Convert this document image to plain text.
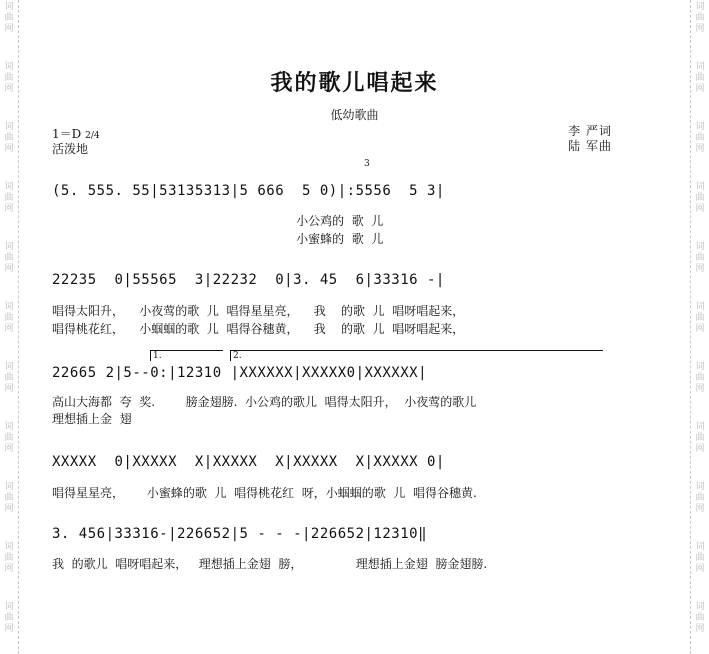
词
曲
网
词
曲
网
词
曲
网
词
曲
网
词
曲
网
词
曲
网
词
曲
网
词
曲
网
词
曲
网
词
曲
网
词
曲
网
词
曲
网
词
曲
网
词
曲
网
词
曲
网
词
曲
网
词
曲
网
词
曲
网
词
曲
网
词
曲
网
词
曲
网
词
曲
网
我的歌儿唱起来
低幼歌曲
1＝D 2/4
活泼地
李 严词
陆 军曲
3
(5. 555. 55|53135313|5 666  5 0)|:5556  5 3|
小公鸡的  歌  儿
小蜜蜂的  歌  儿
22235  0|55565  3|22232  0|3. 45  6|33316 -|
唱得太阳升，    小夜莺的歌  儿  唱得星星亮，    我    的歌  儿  唱呀唱起来，
唱得桃花红，    小蝈蝈的歌  儿  唱得谷穗黄，    我    的歌  儿  唱呀唱起来，
1.	2.
22665 2|5--0:|12310 |XXXXXX|XXXXX0|XXXXXX|
高山大海都  夸  奖.        膀金翅膀.  小公鸡的歌儿  唱得太阳升，  小夜莺的歌儿
理想插上金  翅
XXXXX  0|XXXXX  X|XXXXX  X|XXXXX  X|XXXXX 0|
唱得星星亮，      小蜜蜂的歌  儿  唱得桃花红  呀，小蝈蝈的歌  儿  唱得谷穗黄.
3. 456|33316-|226652|5 - - -|226652|12310‖
我  的歌儿  唱呀唱起来，   理想插上金翅  膀，              理想插上金翅  膀金翅膀.
